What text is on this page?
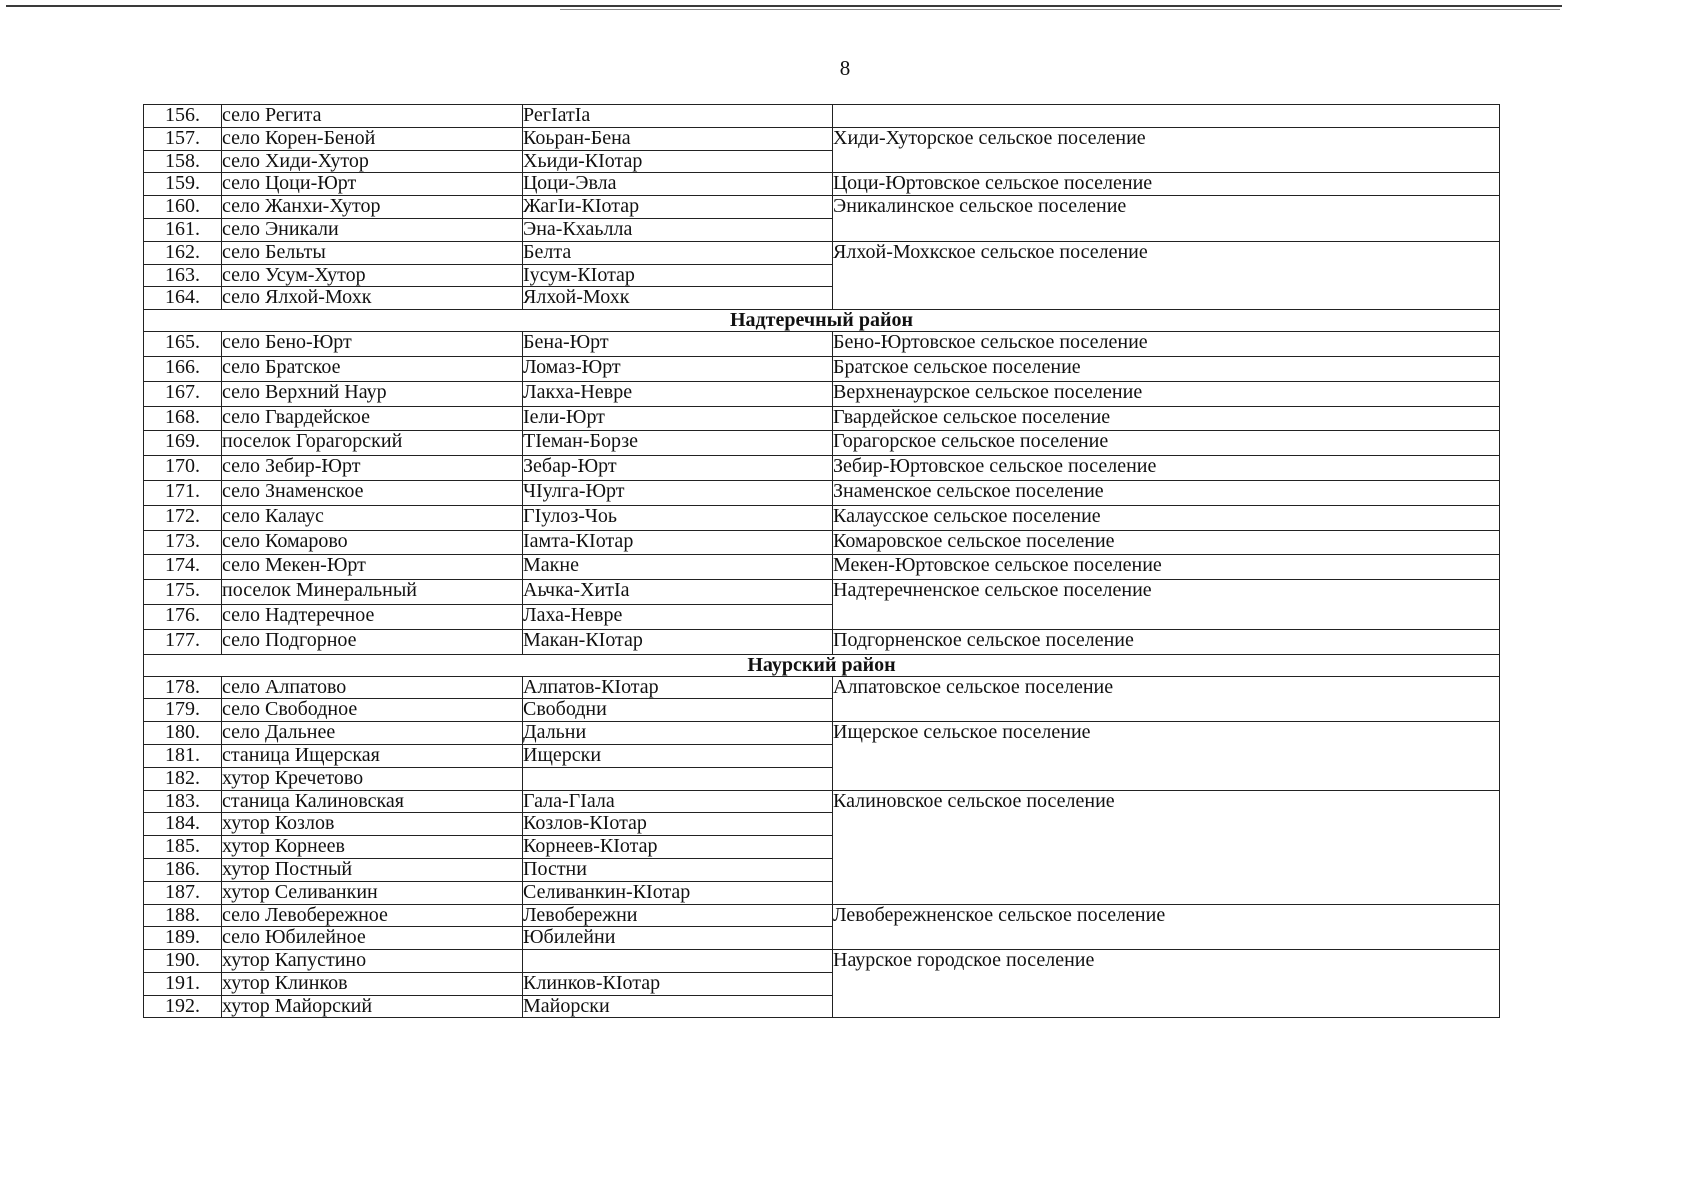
8
156.	село Регита	РегIатIа	
157.	село Корен-Беной	Коьран-Бена	Хиди-Хуторское сельское поселение
158.	село Хиди-Хутор	Хьиди-КIотар	
159.	село Цоци-Юрт	Цоци-Эвла	Цоци-Юртовское сельское поселение
160.	село Жанхи-Хутор	ЖагIи-КIотар	Эникалинское сельское поселение
161.	село Эникали	Эна-Кхаьлла	
162.	село Бельты	Белта	Ялхой-Мохкское сельское поселение
163.	село Усум-Хутор	Iусум-КIотар	
164.	село Ялхой-Мохк	Ялхой-Мохк	
Надтеречный район			
165.	село Бено-Юрт	Бена-Юрт	Бено-Юртовское сельское поселение
166.	село Братское	Ломаз-Юрт	Братское сельское поселение
167.	село Верхний Наур	Лакха-Невре	Верхненаурское сельское поселение
168.	село Гвардейское	Iели-Юрт	Гвардейское сельское поселение
169.	поселок Горагорский	ТIеман-Борзе	Горагорское сельское поселение
170.	село Зебир-Юрт	Зебар-Юрт	Зебир-Юртовское сельское поселение
171.	село Знаменское	ЧIулга-Юрт	Знаменское сельское поселение
172.	село Калаус	ГIулоз-Чоь	Калаусское сельское поселение
173.	село Комарово	Iамта-КIотар	Комаровское сельское поселение
174.	село Мекен-Юрт	Макне	Мекен-Юртовское сельское поселение
175.	поселок Минеральный	Аьчка-ХитIа	Надтеречненское сельское поселение
176.	село Надтеречное	Лаха-Невре	
177.	село Подгорное	Макан-КIотар	Подгорненское сельское поселение
Наурский район			
178.	село Алпатово	Алпатов-КIотар	Алпатовское сельское поселение
179.	село Свободное	Свободни	
180.	село Дальнее	Дальни	Ищерское сельское поселение
181.	станица Ищерская	Ищерски	
182.	хутор Кречетово		
183.	станица Калиновская	Гала-ГIала	Калиновское сельское поселение
184.	хутор Козлов	Козлов-КIотар	
185.	хутор Корнеев	Корнеев-КIотар	
186.	хутор Постный	Постни	
187.	хутор Селиванкин	Селиванкин-КIотар	
188.	село Левобережное	Левобережни	Левобережненское сельское поселение
189.	село Юбилейное	Юбилейни	
190.	хутор Капустино		Наурское городское поселение
191.	хутор Клинков	Клинков-КIотар	
192.	хутор Майорский	Майорски	
